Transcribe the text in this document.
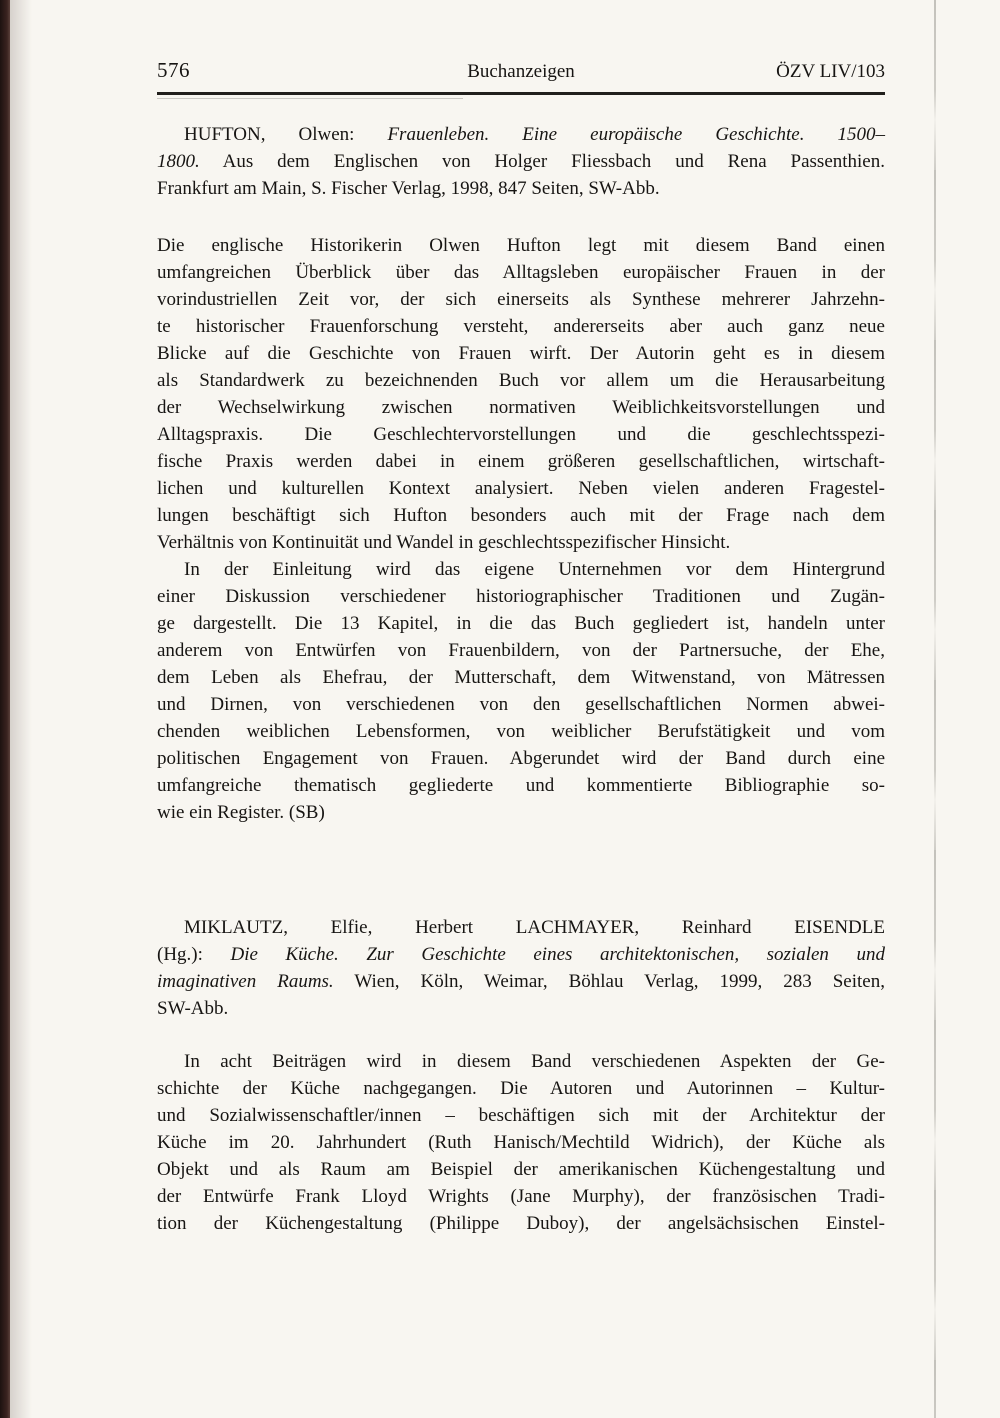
576	Buchanzeigen	ÖZV LIV/103
HUFTON, Olwen: Frauenleben. Eine europäische Geschichte. 1500–
1800. Aus dem Englischen von Holger Fliessbach und Rena Passenthien.
Frankfurt am Main, S. Fischer Verlag, 1998, 847 Seiten, SW-Abb.
Die englische Historikerin Olwen Hufton legt mit diesem Band einen
umfangreichen Überblick über das Alltagsleben europäischer Frauen in der
vorindustriellen Zeit vor, der sich einerseits als Synthese mehrerer Jahrzehn-
te historischer Frauenforschung versteht, andererseits aber auch ganz neue
Blicke auf die Geschichte von Frauen wirft. Der Autorin geht es in diesem
als Standardwerk zu bezeichnenden Buch vor allem um die Herausarbeitung
der Wechselwirkung zwischen normativen Weiblichkeitsvorstellungen und
Alltagspraxis. Die Geschlechtervorstellungen und die geschlechtsspezi-
fische Praxis werden dabei in einem größeren gesellschaftlichen, wirtschaft-
lichen und kulturellen Kontext analysiert. Neben vielen anderen Fragestel-
lungen beschäftigt sich Hufton besonders auch mit der Frage nach dem
Verhältnis von Kontinuität und Wandel in geschlechtsspezifischer Hinsicht.
In der Einleitung wird das eigene Unternehmen vor dem Hintergrund
einer Diskussion verschiedener historiographischer Traditionen und Zugän-
ge dargestellt. Die 13 Kapitel, in die das Buch gegliedert ist, handeln unter
anderem von Entwürfen von Frauenbildern, von der Partnersuche, der Ehe,
dem Leben als Ehefrau, der Mutterschaft, dem Witwenstand, von Mätressen
und Dirnen, von verschiedenen von den gesellschaftlichen Normen abwei-
chenden weiblichen Lebensformen, von weiblicher Berufstätigkeit und vom
politischen Engagement von Frauen. Abgerundet wird der Band durch eine
umfangreiche thematisch gegliederte und kommentierte Bibliographie so-
wie ein Register. (SB)
MIKLAUTZ, Elfie, Herbert LACHMAYER, Reinhard EISENDLE
(Hg.): Die Küche. Zur Geschichte eines architektonischen, sozialen und
imaginativen Raums. Wien, Köln, Weimar, Böhlau Verlag, 1999, 283 Seiten,
SW-Abb.
In acht Beiträgen wird in diesem Band verschiedenen Aspekten der Ge-
schichte der Küche nachgegangen. Die Autoren und Autorinnen – Kultur-
und Sozialwissenschaftler/innen – beschäftigen sich mit der Architektur der
Küche im 20. Jahrhundert (Ruth Hanisch/Mechtild Widrich), der Küche als
Objekt und als Raum am Beispiel der amerikanischen Küchengestaltung und
der Entwürfe Frank Lloyd Wrights (Jane Murphy), der französischen Tradi-
tion der Küchengestaltung (Philippe Duboy), der angelsächsischen Einstel-
